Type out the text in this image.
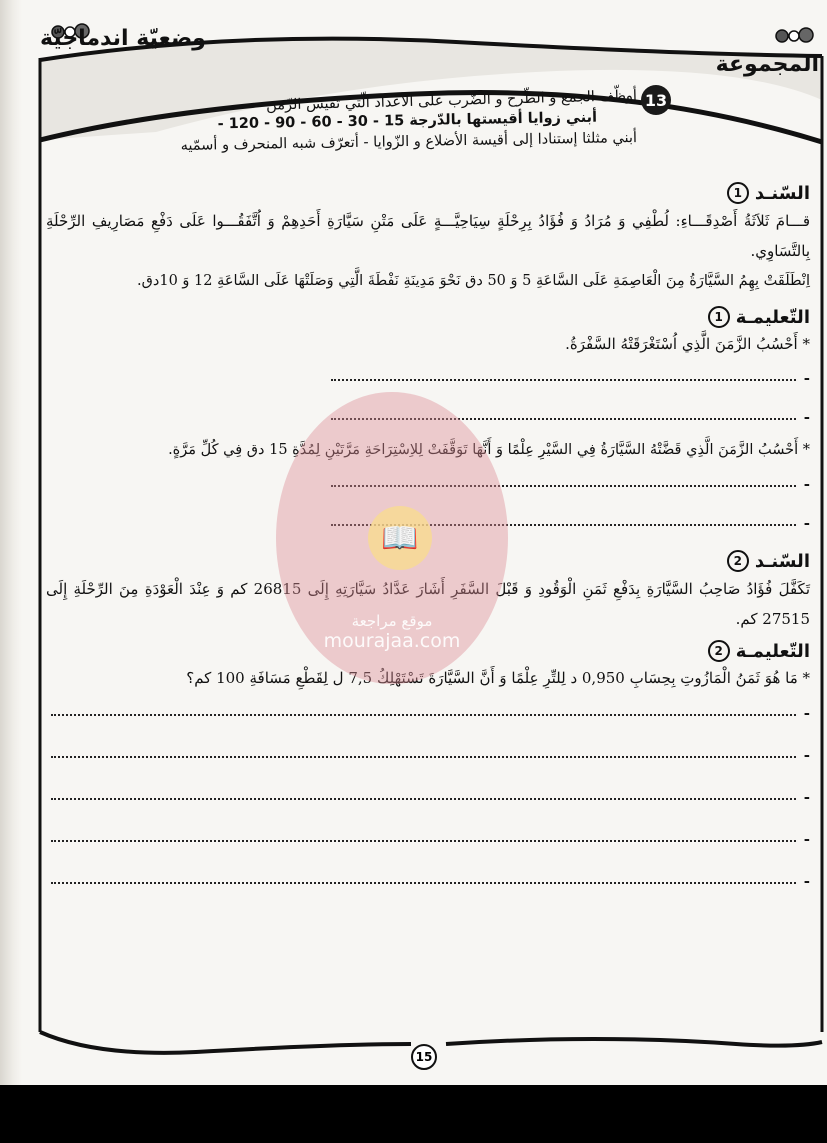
وضعيّة اندماجيّة
المجموعة
13
أوظّف الجمع و الطّرح و الضّرب على الأعداد الّتي تقيس الزّمن -
أبني زوايا أقيستها بالدّرجة 15 - 30 - 60 - 90 - 120 -
أبني مثلثا إستنادا إلى أقيسة الأضلاع و الزّوايا - أتعرّف شبه المنحرف و أسمّيه
السّنـد
1
قـــامَ ثَلاَثَةُ أَصْدِقَـــاءِ: لُطْفِي وَ مُرَادُ وَ فُؤَادُ بِرِحْلَةٍ سِيَاحِيَّـــةٍ عَلَى مَتْنِ سَيَّارَةِ أَحَدِهِمْ وَ اُتَّفَقُـــوا عَلَى دَفْعِ مَصَارِيفِ الرِّحْلَةِ بِالتَّسَاوِي.
اِنْطَلَقَتْ بِهِمُ السَّيَّارَةُ مِنَ الْعَاصِمَةِ عَلَى السَّاعَةِ 5 وَ 50 دق نَحْوَ مَدِينَةِ نَفْطَةَ الَّتِي وَصَلَتْهَا عَلَى السَّاعَةِ 12 وَ 10دق.
التّعليمـة
1
* أَحْسُبُ الزَّمَنَ الَّذِي اُسْتَغْرَقَتْهُ السَّفْرَةُ.
-
-
* أَحْسُبُ الزَّمَنَ الَّذِي قَضَّتْهُ السَّيَّارَةُ فِي السَّيْرِ عِلْمًا وَ أَنَّهَا تَوَقَّفَتْ لِلاِسْتِرَاحَةِ مَرَّتَيْنِ لِمُدَّةِ 15 دق فِي كُلِّ مَرَّةٍ.
-
-
السّنـد
2
تَكَفَّلَ فُؤَادُ صَاحِبُ السَّيَّارَةِ بِدَفْعِ ثَمَنِ الْوَقُودِ وَ قَبْلَ السَّفَرِ أَشَارَ عَدَّادُ سَيَّارَتِهِ إِلَى 26815 كم وَ عِنْدَ الْعَوْدَةِ مِنَ الرِّحْلَةِ إِلَى 27515 كم.
التّعليمـة
2
* مَا هُوَ ثَمَنُ الْمَازُوتِ بِحِسَابِ 0,950 د لِلتِّرِ عِلْمًا وَ أَنَّ السَّيَّارَةَ تَسْتَهْلِكُ 7,5 ل لِقَطْعِ مَسَافَةِ 100 كم؟
-
-
-
-
-
15
📖
موقع مراجعة
mourajaa.com
